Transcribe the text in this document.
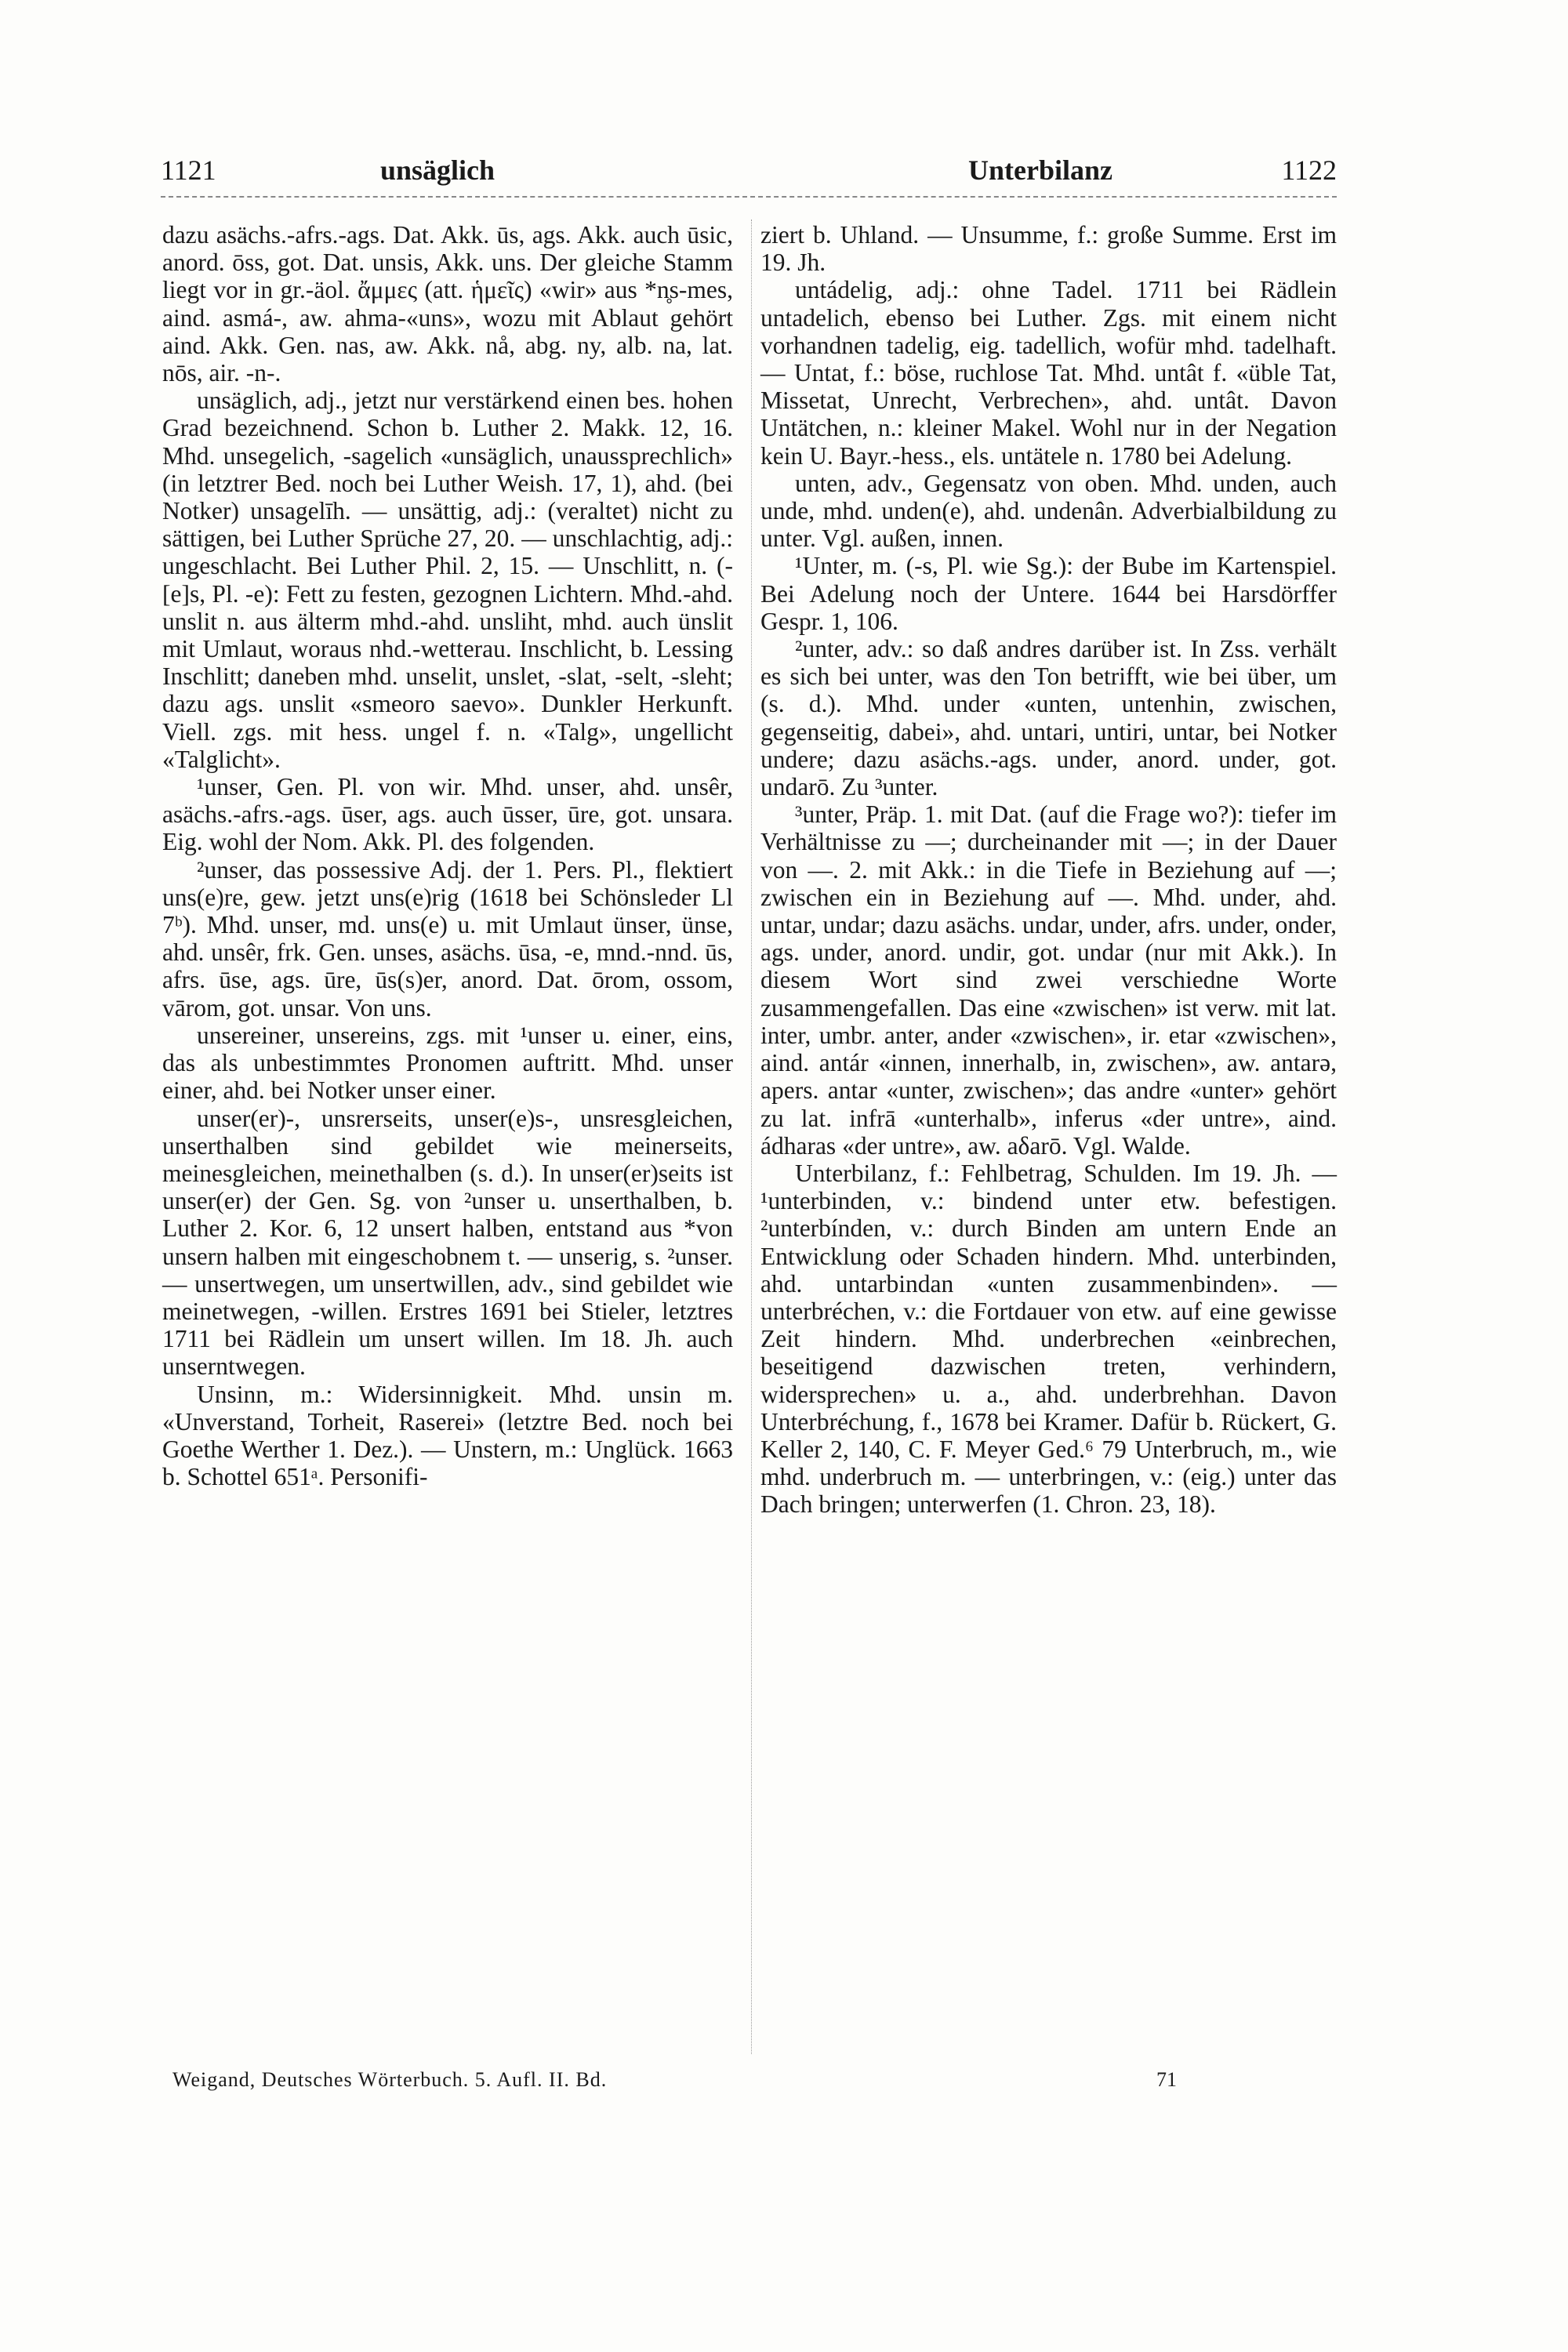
1121	unsäglich	Unterbilanz	1122

dazu asächs.-afrs.-ags. Dat. Akk. ūs, ags. Akk. auch ūsic, anord. ōss, got. Dat. unsis, Akk. uns. Der gleiche Stamm liegt vor in gr.-äol. ἄμμες (att. ἡμεῖς) «wir» aus *n̥s-mes, aind. asmá-, aw. ahma-«uns», wozu mit Ablaut gehört aind. Akk. Gen. nas, aw. Akk. nå, abg. ny, alb. na, lat. nōs, air. -n-.

unsäglich, adj., jetzt nur verstärkend einen bes. hohen Grad bezeichnend. Schon b. Luther 2. Makk. 12, 16. Mhd. unsegelich, -sagelich «unsäglich, unaussprechlich» (in letztrer Bed. noch bei Luther Weish. 17, 1), ahd. (bei Notker) unsagelīh. — unsättig, adj.: (veraltet) nicht zu sättigen, bei Luther Sprüche 27, 20. — unschlachtig, adj.: ungeschlacht. Bei Luther Phil. 2, 15. — Unschlitt, n. (-[e]s, Pl. -e): Fett zu festen, gezognen Lichtern. Mhd.-ahd. unslit n. aus älterm mhd.-ahd. unsliht, mhd. auch ünslit mit Umlaut, woraus nhd.-wetterau. Inschlicht, b. Lessing Inschlitt; daneben mhd. unselit, unslet, -slat, -selt, -sleht; dazu ags. unslit «smeoro saevo». Dunkler Herkunft. Viell. zgs. mit hess. ungel f. n. «Talg», ungellicht «Talglicht».

¹unser, Gen. Pl. von wir. Mhd. unser, ahd. unsêr, asächs.-afrs.-ags. ūser, ags. auch ūsser, ūre, got. unsara. Eig. wohl der Nom. Akk. Pl. des folgenden.

²unser, das possessive Adj. der 1. Pers. Pl., flektiert uns(e)re, gew. jetzt uns(e)rig (1618 bei Schönsleder Ll 7ᵇ). Mhd. unser, md. uns(e) u. mit Umlaut ünser, ünse, ahd. unsêr, frk. Gen. unses, asächs. ūsa, -e, mnd.-nnd. ūs, afrs. ūse, ags. ūre, ūs(s)er, anord. Dat. ōrom, ossom, vārom, got. unsar. Von uns.

unsereiner, unsereins, zgs. mit ¹unser u. einer, eins, das als unbestimmtes Pronomen auftritt. Mhd. unser einer, ahd. bei Notker unser einer.

unser(er)-, unsrerseits, unser(e)s-, unsresgleichen, unserthalben sind gebildet wie meinerseits, meinesgleichen, meinethalben (s. d.). In unser(er)seits ist unser(er) der Gen. Sg. von ²unser u. unserthalben, b. Luther 2. Kor. 6, 12 unsert halben, entstand aus *von unsern halben mit eingeschobnem t. — unserig, s. ²unser. — unsertwegen, um unsertwillen, adv., sind gebildet wie meinetwegen, -willen. Erstres 1691 bei Stieler, letztres 1711 bei Rädlein um unsert willen. Im 18. Jh. auch unserntwegen.

Unsinn, m.: Widersinnigkeit. Mhd. unsin m. «Unverstand, Torheit, Raserei» (letztre Bed. noch bei Goethe Werther 1. Dez.). — Unstern, m.: Unglück. 1663 b. Schottel 651ᵃ. Personifi-

ziert b. Uhland. — Unsumme, f.: große Summe. Erst im 19. Jh.

untádelig, adj.: ohne Tadel. 1711 bei Rädlein untadelich, ebenso bei Luther. Zgs. mit einem nicht vorhandnen tadelig, eig. tadellich, wofür mhd. tadelhaft. — Untat, f.: böse, ruchlose Tat. Mhd. untât f. «üble Tat, Missetat, Unrecht, Verbrechen», ahd. untât. Davon Untätchen, n.: kleiner Makel. Wohl nur in der Negation kein U. Bayr.-hess., els. untätele n. 1780 bei Adelung.

unten, adv., Gegensatz von oben. Mhd. unden, auch unde, mhd. unden(e), ahd. undenân. Adverbialbildung zu unter. Vgl. außen, innen.

¹Unter, m. (-s, Pl. wie Sg.): der Bube im Kartenspiel. Bei Adelung noch der Untere. 1644 bei Harsdörffer Gespr. 1, 106.

²unter, adv.: so daß andres darüber ist. In Zss. verhält es sich bei unter, was den Ton betrifft, wie bei über, um (s. d.). Mhd. under «unten, untenhin, zwischen, gegenseitig, dabei», ahd. untari, untiri, untar, bei Notker undere; dazu asächs.-ags. under, anord. under, got. undarō. Zu ³unter.

³unter, Präp. 1. mit Dat. (auf die Frage wo?): tiefer im Verhältnisse zu —; durcheinander mit —; in der Dauer von —. 2. mit Akk.: in die Tiefe in Beziehung auf —; zwischen ein in Beziehung auf —. Mhd. under, ahd. untar, undar; dazu asächs. undar, under, afrs. under, onder, ags. under, anord. undir, got. undar (nur mit Akk.). In diesem Wort sind zwei verschiedne Worte zusammengefallen. Das eine «zwischen» ist verw. mit lat. inter, umbr. anter, ander «zwischen», ir. etar «zwischen», aind. antár «innen, innerhalb, in, zwischen», aw. antarə, apers. antar «unter, zwischen»; das andre «unter» gehört zu lat. infrā «unterhalb», inferus «der untre», aind. ádharas «der untre», aw. aδarō. Vgl. Walde.

Unterbilanz, f.: Fehlbetrag, Schulden. Im 19. Jh. — ¹unterbinden, v.: bindend unter etw. befestigen. ²unterbínden, v.: durch Binden am untern Ende an Entwicklung oder Schaden hindern. Mhd. unterbinden, ahd. untarbindan «unten zusammenbinden». — unterbréchen, v.: die Fortdauer von etw. auf eine gewisse Zeit hindern. Mhd. underbrechen «einbrechen, beseitigend dazwischen treten, verhindern, widersprechen» u. a., ahd. underbrehhan. Davon Unterbréchung, f., 1678 bei Kramer. Dafür b. Rückert, G. Keller 2, 140, C. F. Meyer Ged.⁶ 79 Unterbruch, m., wie mhd. underbruch m. — unterbringen, v.: (eig.) unter das Dach bringen; unterwerfen (1. Chron. 23, 18).

Weigand, Deutsches Wörterbuch. 5. Aufl. II. Bd.	71
